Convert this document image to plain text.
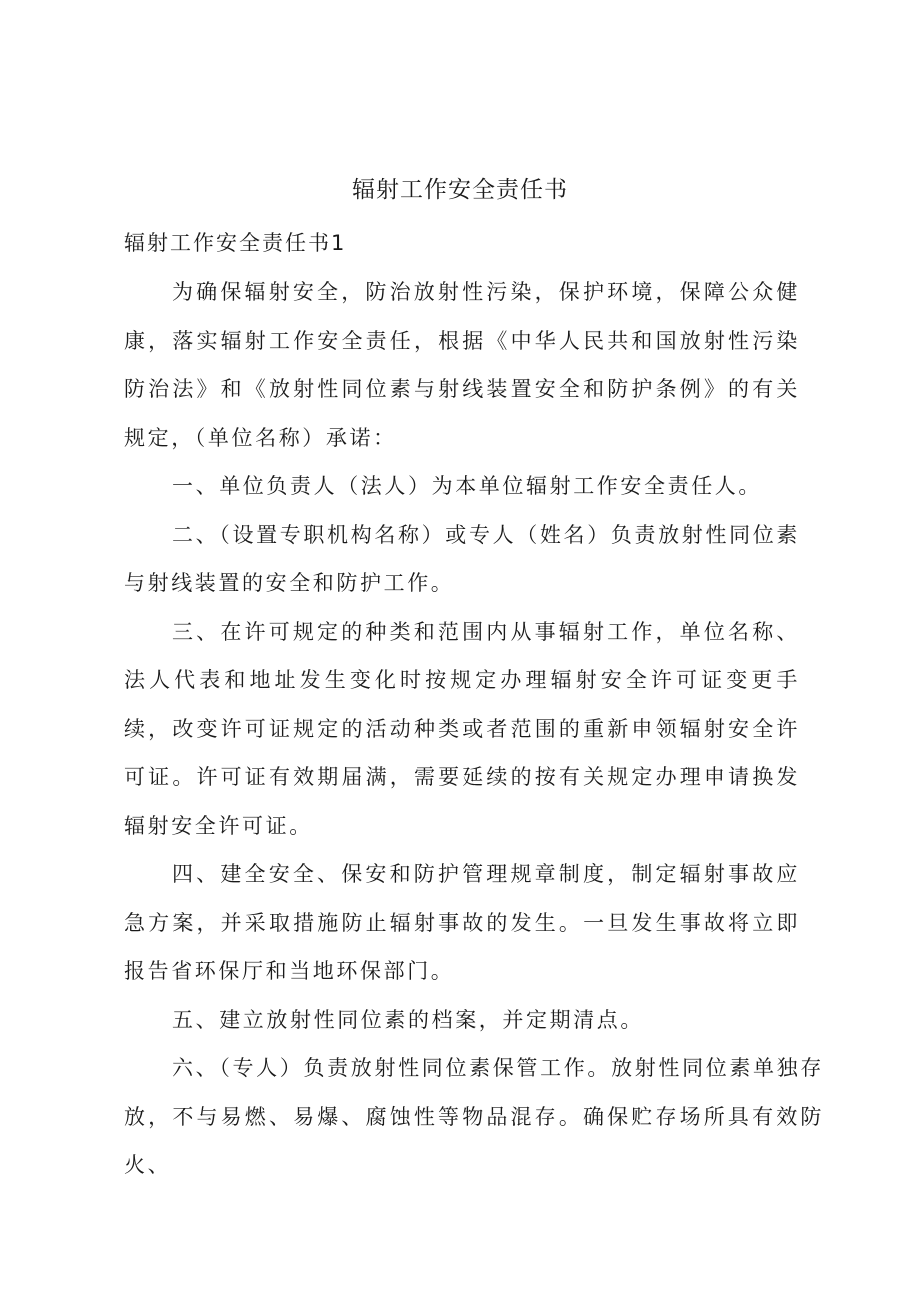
辐射工作安全责任书
辐射工作安全责任书1

为确保辐射安全，防治放射性污染，保护环境，保障公众健康，落实辐射工作安全责任，根据《中华人民共和国放射性污染防治法》和《放射性同位素与射线装置安全和防护条例》的有关规定，（单位名称）承诺：

一、单位负责人（法人）为本单位辐射工作安全责任人。

二、（设置专职机构名称）或专人（姓名）负责放射性同位素与射线装置的安全和防护工作。

三、在许可规定的种类和范围内从事辐射工作，单位名称、法人代表和地址发生变化时按规定办理辐射安全许可证变更手续，改变许可证规定的活动种类或者范围的重新申领辐射安全许可证。许可证有效期届满，需要延续的按有关规定办理申请换发辐射安全许可证。

四、建全安全、保安和防护管理规章制度，制定辐射事故应急方案，并采取措施防止辐射事故的发生。一旦发生事故将立即报告省环保厅和当地环保部门。

五、建立放射性同位素的档案，并定期清点。

六、（专人）负责放射性同位素保管工作。放射性同位素单独存放，不与易燃、易爆、腐蚀性等物品混存。确保贮存场所具有效防火、
